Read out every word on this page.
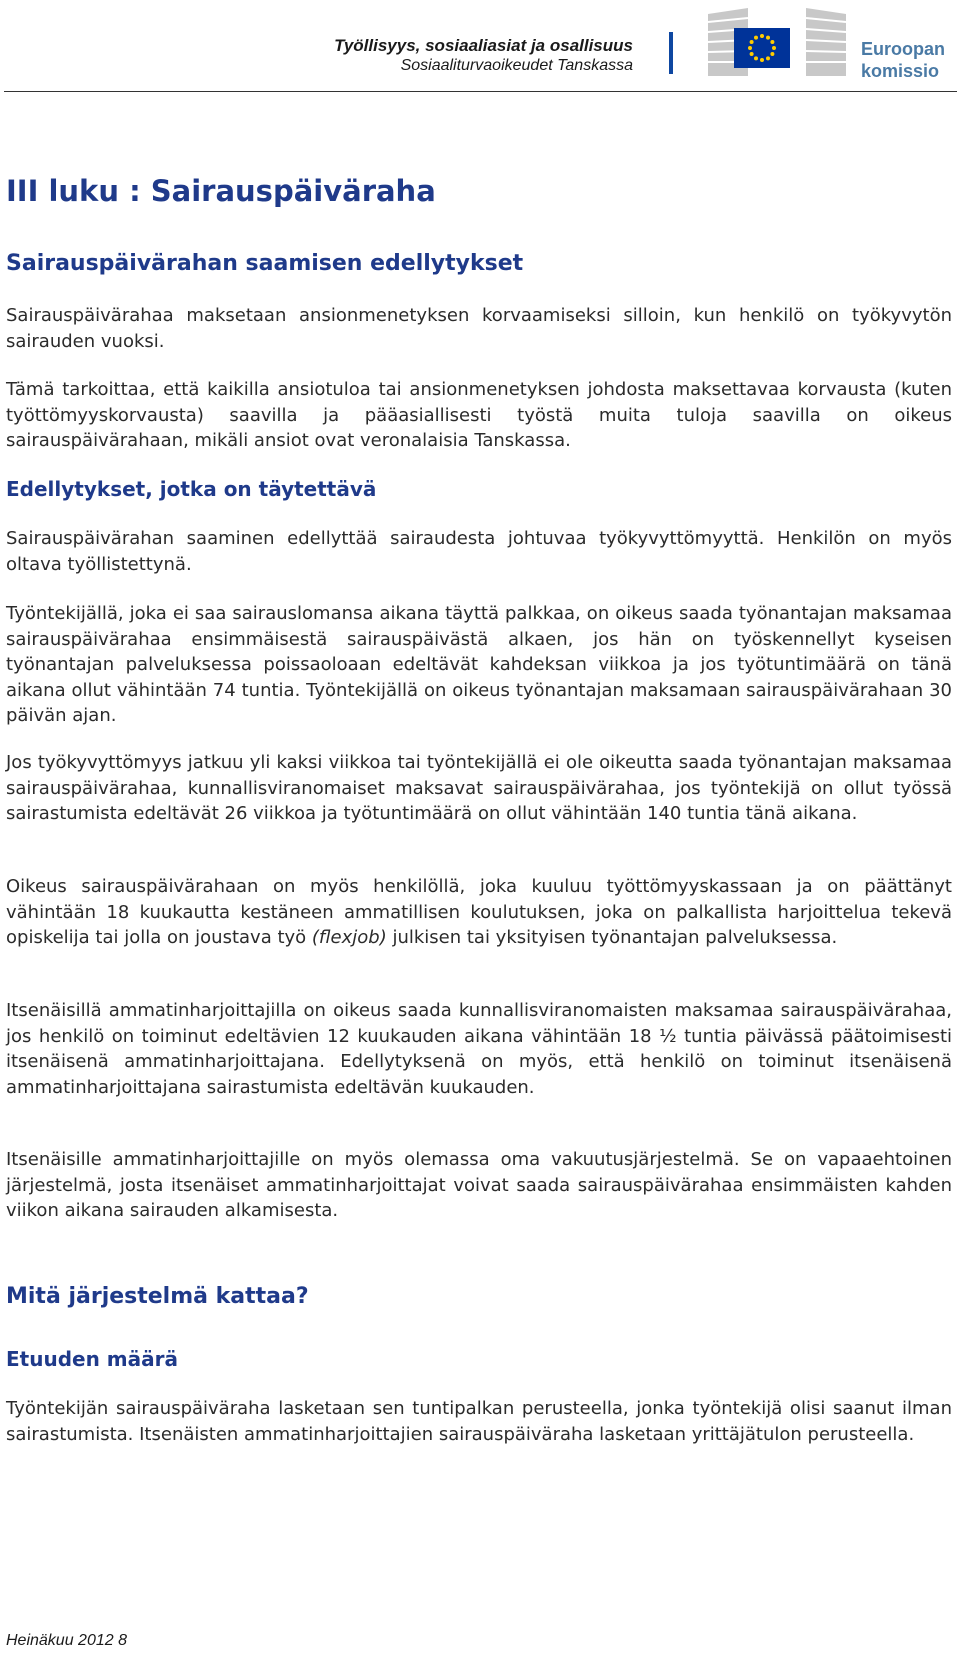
Työllisyys, sosiaaliasiat ja osallisuus
Sosiaaliturvaoikeudet Tanskassa
Euroopan
komissio
III luku : Sairauspäiväraha
Sairauspäivärahan saamisen edellytykset

Sairauspäivärahaa maksetaan ansionmenetyksen korvaamiseksi silloin, kun henkilö on työkyvytön sairauden vuoksi.

Tämä tarkoittaa, että kaikilla ansiotuloa tai ansionmenetyksen johdosta maksettavaa korvausta (kuten työttömyyskorvausta) saavilla ja pääasiallisesti työstä muita tuloja saavilla on oikeus sairauspäivärahaan, mikäli ansiot ovat veronalaisia Tanskassa.

Edellytykset, jotka on täytettävä

Sairauspäivärahan saaminen edellyttää sairaudesta johtuvaa työkyvyttömyyttä. Henkilön on myös oltava työllistettynä.

Työntekijällä, joka ei saa sairauslomansa aikana täyttä palkkaa, on oikeus saada työnantajan maksamaa sairauspäivärahaa ensimmäisestä sairauspäivästä alkaen, jos hän on työskennellyt kyseisen työnantajan palveluksessa poissaoloaan edeltävät kahdeksan viikkoa ja jos työtuntimäärä on tänä aikana ollut vähintään 74 tuntia. Työntekijällä on oikeus työnantajan maksamaan sairauspäivärahaan 30 päivän ajan.

Jos työkyvyttömyys jatkuu yli kaksi viikkoa tai työntekijällä ei ole oikeutta saada työnantajan maksamaa sairauspäivärahaa, kunnallisviranomaiset maksavat sairauspäivärahaa, jos työntekijä on ollut työssä sairastumista edeltävät 26 viikkoa ja työtuntimäärä on ollut vähintään 140 tuntia tänä aikana.

Oikeus sairauspäivärahaan on myös henkilöllä, joka kuuluu työttömyyskassaan ja on päättänyt vähintään 18 kuukautta kestäneen ammatillisen koulutuksen, joka on palkallista harjoittelua tekevä opiskelija tai jolla on joustava työ (flexjob) julkisen tai yksityisen työnantajan palveluksessa.

Itsenäisillä ammatinharjoittajilla on oikeus saada kunnallisviranomaisten maksamaa sairauspäivärahaa, jos henkilö on toiminut edeltävien 12 kuukauden aikana vähintään 18 ½ tuntia päivässä päätoimisesti itsenäisenä ammatinharjoittajana. Edellytyksenä on myös, että henkilö on toiminut itsenäisenä ammatinharjoittajana sairastumista edeltävän kuukauden.

Itsenäisille ammatinharjoittajille on myös olemassa oma vakuutusjärjestelmä. Se on vapaaehtoinen järjestelmä, josta itsenäiset ammatinharjoittajat voivat saada sairauspäivärahaa ensimmäisten kahden viikon aikana sairauden alkamisesta.

Mitä järjestelmä kattaa?
Etuuden määrä

Työntekijän sairauspäiväraha lasketaan sen tuntipalkan perusteella, jonka työntekijä olisi saanut ilman sairastumista. Itsenäisten ammatinharjoittajien sairauspäiväraha lasketaan yrittäjätulon perusteella.

Heinäkuu 2012 8
